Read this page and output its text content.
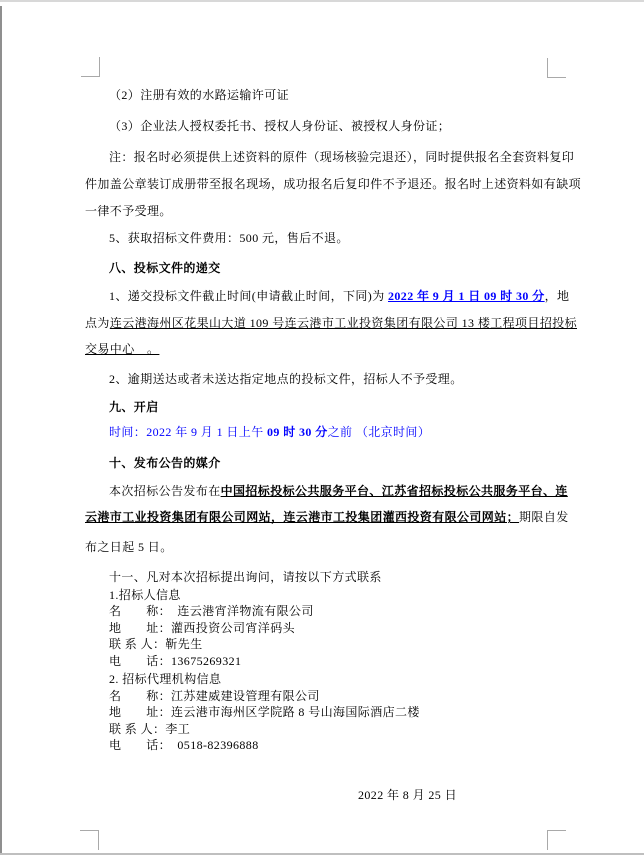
（2）注册有效的水路运输许可证
（3）企业法人授权委托书、授权人身份证、被授权人身份证；
注：报名时必须提供上述资料的原件（现场核验完退还），同时提供报名全套资料复印
件加盖公章装订成册带至报名现场，成功报名后复印件不予退还。报名时上述资料如有缺项
一律不予受理。
5、获取招标文件费用：500 元，售后不退。
八、投标文件的递交
1、递交投标文件截止时间(申请截止时间，下同)为 2022 年 9 月 1 日 09 时 30 分，地
点为连云港海州区花果山大道 109 号连云港市工业投资集团有限公司 13 楼工程项目招投标
交易中心　。
2、逾期送达或者未送达指定地点的投标文件，招标人不予受理。
九、开启
时间：2022 年 9 月 1 日上午 09 时 30 分之前 （北京时间）
十、发布公告的媒介
本次招标公告发布在中国招标投标公共服务平台、江苏省招标投标公共服务平台、连
云港市工业投资集团有限公司网站，连云港市工投集团灌西投资有限公司网站；期限自发
布之日起 5 日。
十一、凡对本次招标提出询问，请按以下方式联系
1.招标人信息
名　　称：　连云港宵洋物流有限公司
地　　址：灌西投资公司宵洋码头
联 系 人：靳先生
电　　话：13675269321
2. 招标代理机构信息
名　　称：江苏建威建设管理有限公司
地　　址：连云港市海州区学院路 8 号山海国际酒店二楼
联 系 人：李工
电　　话：　0518-82396888
2022 年 8 月 25 日
